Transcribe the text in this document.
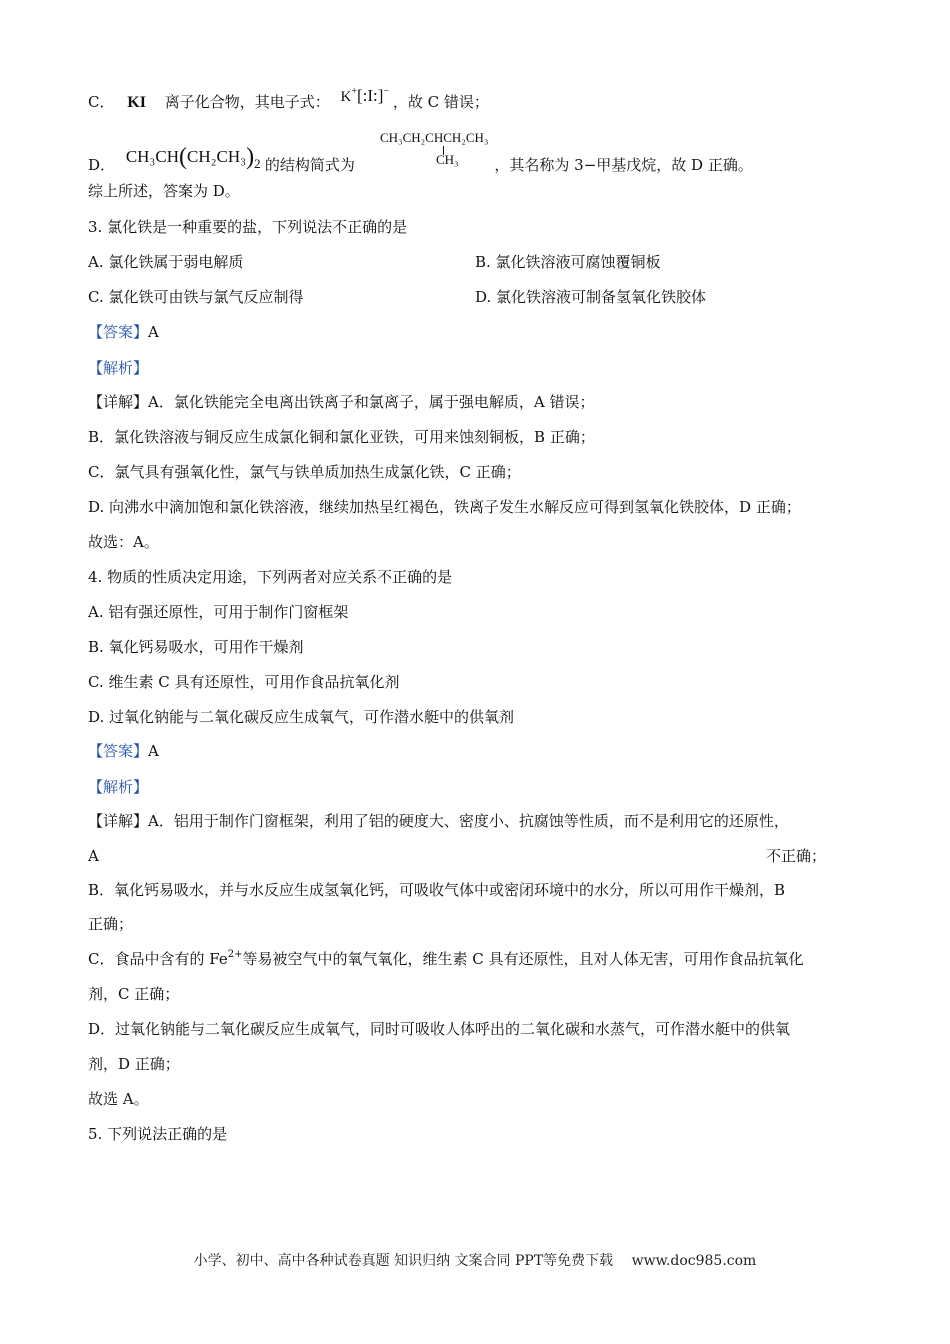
C． KI 离子化合物，其电子式： K+[:I:]− ，故 C 错误；
D． $CH_3CH(CH_2CH_3)_2$ 的结构简式为	，其名称为 3−甲基戊烷，故 D 正确。
CH₃CH₂CHCH₂CH₃
CH₃
综上所述，答案为 D。
3. 氯化铁是一种重要的盐，下列说法不正确的是
A. 氯化铁属于弱电解质	B. 氯化铁溶液可腐蚀覆铜板
C. 氯化铁可由铁与氯气反应制得	D. 氯化铁溶液可制备氢氧化铁胶体
【答案】A
【解析】
【详解】A．氯化铁能完全电离出铁离子和氯离子，属于强电解质，A 错误；
B．氯化铁溶液与铜反应生成氯化铜和氯化亚铁，可用来蚀刻铜板，B 正确；
C．氯气具有强氧化性，氯气与铁单质加热生成氯化铁，C 正确；
D. 向沸水中滴加饱和氯化铁溶液，继续加热呈红褐色，铁离子发生水解反应可得到氢氧化铁胶体，D 正确；
故选：A。
4. 物质的性质决定用途，下列两者对应关系不正确的是
A. 铝有强还原性，可用于制作门窗框架
B. 氧化钙易吸水，可用作干燥剂
C. 维生素 C 具有还原性，可用作食品抗氧化剂
D. 过氧化钠能与二氧化碳反应生成氧气，可作潜水艇中的供氧剂
【答案】A
【解析】
【详解】A．铝用于制作门窗框架，利用了铝的硬度大、密度小、抗腐蚀等性质，而不是利用它的还原性，
A	不正确；
B．氧化钙易吸水，并与水反应生成氢氧化钙，可吸收气体中或密闭环境中的水分，所以可用作干燥剂，B
正确；
C．食品中含有的 $Fe^{2+}$等易被空气中的氧气氧化，维生素 C 具有还原性，且对人体无害，可用作食品抗氧化
剂，C 正确；
D．过氧化钠能与二氧化碳反应生成氧气，同时可吸收人体呼出的二氧化碳和水蒸气，可作潜水艇中的供氧
剂，D 正确；
故选 A。
5. 下列说法正确的是
小学、初中、高中各种试卷真题 知识归纳 文案合同 PPT等免费下载　 www.doc985.com
